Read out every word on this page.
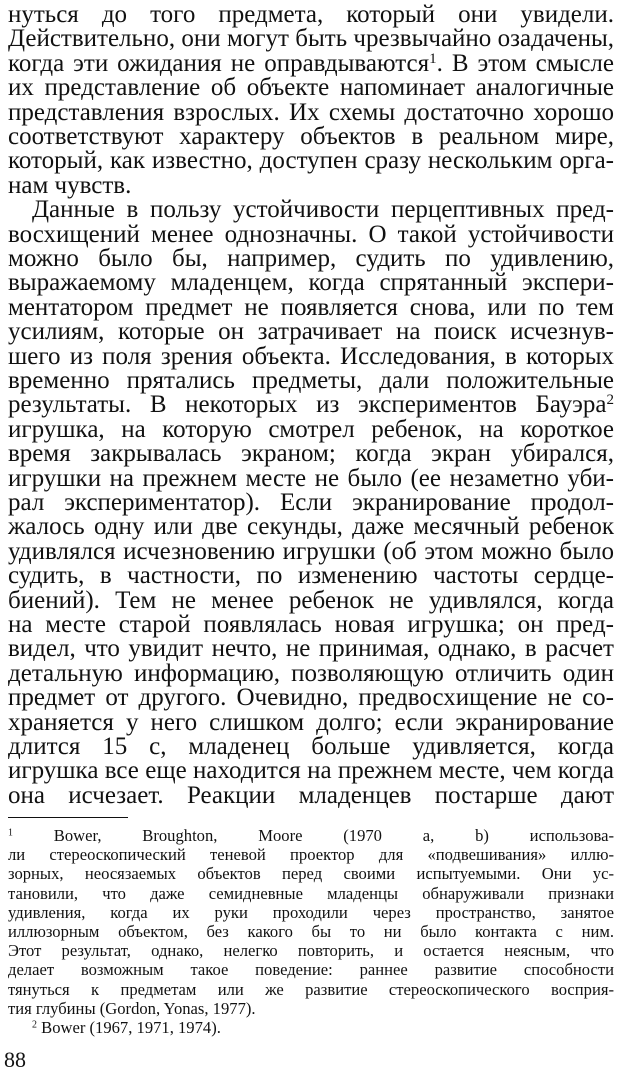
нуться до того предмета, который они увидели.
Действительно, они могут быть чрезвычайно озадачены,
когда эти ожидания не оправдываются$^1$. В этом смысле
их представление об объекте напоминает аналогичные
представления взрослых. Их схемы достаточно хорошо
соответствуют характеру объектов в реальном мире,
который, как известно, доступен сразу нескольким орга-
нам чувств.
Данные в пользу устойчивости перцептивных пред-
восхищений менее однозначны. О такой устойчивости
можно было бы, например, судить по удивлению,
выражаемому младенцем, когда спрятанный экспери-
ментатором предмет не появляется снова, или по тем
усилиям, которые он затрачивает на поиск исчезнув-
шего из поля зрения объекта. Исследования, в которых
временно прятались предметы, дали положительные
результаты. В некоторых из экспериментов Бауэра$^2$
игрушка, на которую смотрел ребенок, на короткое
время закрывалась экраном; когда экран убирался,
игрушки на прежнем месте не было (ее незаметно уби-
рал экспериментатор). Если экранирование продол-
жалось одну или две секунды, даже месячный ребенок
удивлялся исчезновению игрушки (об этом можно было
судить, в частности, по изменению частоты сердце-
биений). Тем не менее ребенок не удивлялся, когда
на месте старой появлялась новая игрушка; он пред-
видел, что увидит нечто, не принимая, однако, в расчет
детальную информацию, позволяющую отличить один
предмет от другого. Очевидно, предвосхищение не со-
храняется у него слишком долго; если экранирование
длится 15 с, младенец больше удивляется, когда
игрушка все еще находится на прежнем месте, чем когда
она исчезает. Реакции младенцев постарше дают
$^1$ Bower, Broughton, Moore (1970 a, b) использова-
ли стереоскопический теневой проектор для «подвешивания» иллю-
зорных, неосязаемых объектов перед своими испытуемыми. Они ус-
тановили, что даже семидневные младенцы обнаруживали признаки
удивления, когда их руки проходили через пространство, занятое
иллюзорным объектом, без какого бы то ни было контакта с ним.
Этот результат, однако, нелегко повторить, и остается неясным, что
делает возможным такое поведение: раннее развитие способности
тянуться к предметам или же развитие стереоскопического восприя-
тия глубины (Gordon, Yonas, 1977).
$^2$ Bower (1967, 1971, 1974).
88
